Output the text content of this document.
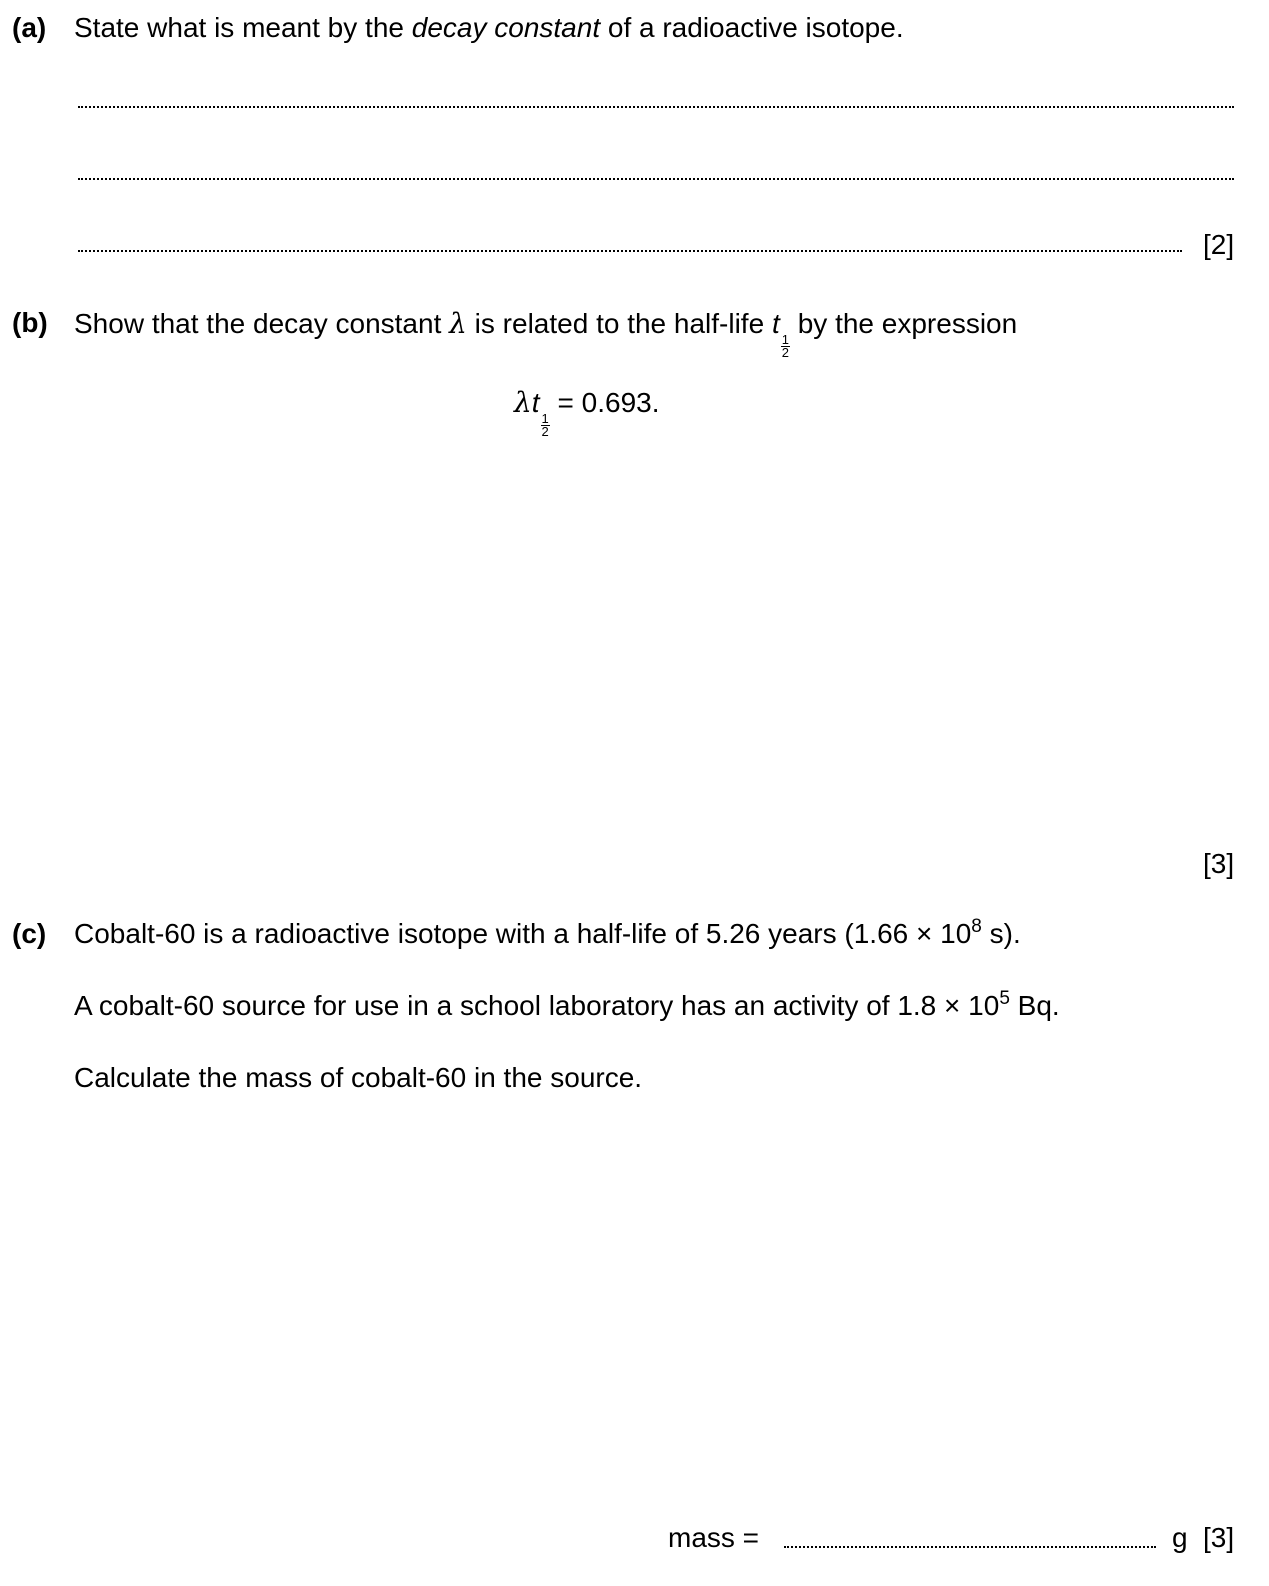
(a) State what is meant by the decay constant of a radioactive isotope.
[2]
(b) Show that the decay constant λ is related to the half-life t
$\frac{1}{2}$
by the expression
λt
$\frac{1}{2}$
= 0.693.
[3]
(c) Cobalt-60 is a radioactive isotope with a half-life of 5.26 years ($1.66 \times 10^8$ s).
A cobalt-60 source for use in a school laboratory has an activity of $1.8 \times 10^5$ Bq.
Calculate the mass of cobalt-60 in the source.
mass =	g [3]
